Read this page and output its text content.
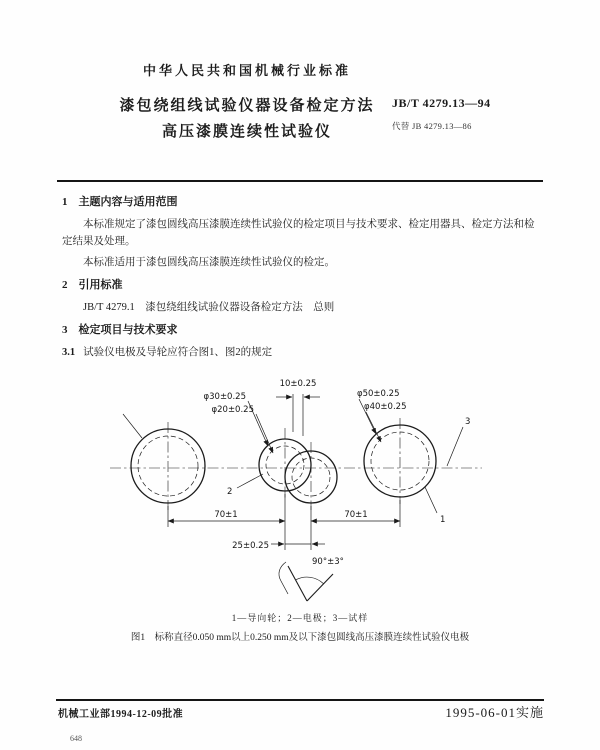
中华人民共和国机械行业标准
漆包绕组线试验仪器设备检定方法
高压漆膜连续性试验仪
JB/T 4279.13—94
代替 JB 4279.13—86
1　主题内容与适用范围

本标准规定了漆包圆线高压漆膜连续性试验仪的检定项目与技术要求、检定用器具、检定方法和检定结果及处理。

本标准适用于漆包圆线高压漆膜连续性试验仪的检定。

2　引用标准

JB/T 4279.1　漆包绕组线试验仪器设备检定方法　总则

3　检定项目与技术要求

3.1 试验仪电极及导轮应符合图1、图2的规定

φ30±0.25
φ20±0.25
10±0.25
φ50±0.25
φ40±0.25
70±1	70±1
25±0.25
90°±3°
1
2
3
1—导向轮；2—电极；3—试样
图1　标称直径0.050 mm以上0.250 mm及以下漆包圆线高压漆膜连续性试验仪电极
机械工业部1994-12-09批准	1995-06-01实施
648
